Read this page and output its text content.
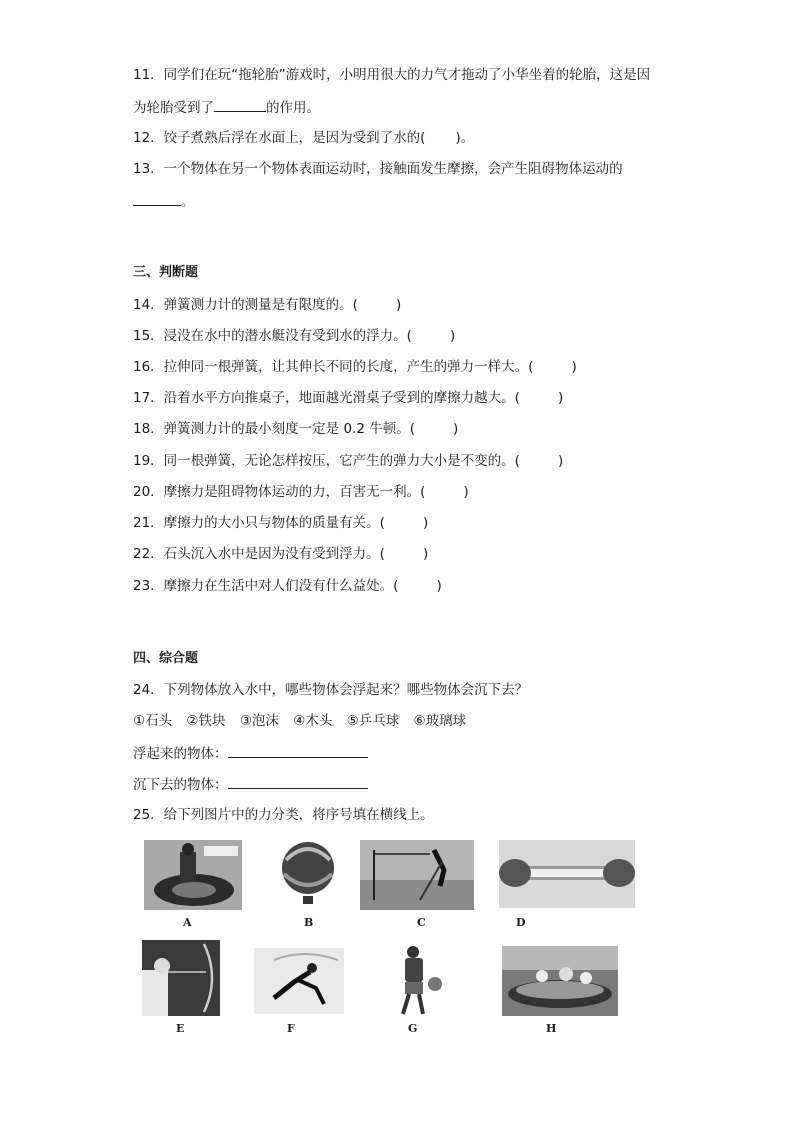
11．同学们在玩“拖轮胎”游戏时，小明用很大的力气才拖动了小华坐着的轮胎，这是因
为轮胎受到了	的作用。
12．饺子煮熟后浮在水面上，是因为受到了水的( )。
13．一个物体在另一个物体表面运动时，接触面发生摩擦，会产生阻碍物体运动的
。
三、判断题
14．弹簧测力计的测量是有限度的。(	)
15．浸没在水中的潜水艇没有受到水的浮力。(	)
16．拉伸同一根弹簧，让其伸长不同的长度，产生的弹力一样大。(	)
17．沿着水平方向推桌子，地面越光滑桌子受到的摩擦力越大。(	)
18．弹簧测力计的最小刻度一定是 0.2 牛顿。(	)
19．同一根弹簧，无论怎样按压，它产生的弹力大小是不变的。(	)
20．摩擦力是阻碍物体运动的力，百害无一利。(	)
21．摩擦力的大小只与物体的质量有关。(	)
22．石头沉入水中是因为没有受到浮力。(	)
23．摩擦力在生活中对人们没有什么益处。(	)
四、综合题
24．下列物体放入水中，哪些物体会浮起来？哪些物体会沉下去？
①石头 ②铁块 ③泡沫 ④木头 ⑤乒乓球 ⑥玻璃球
浮起来的物体：
沉下去的物体：
25．给下列图片中的力分类，将序号填在横线上。
A	B	C	D
E	F	G	H
